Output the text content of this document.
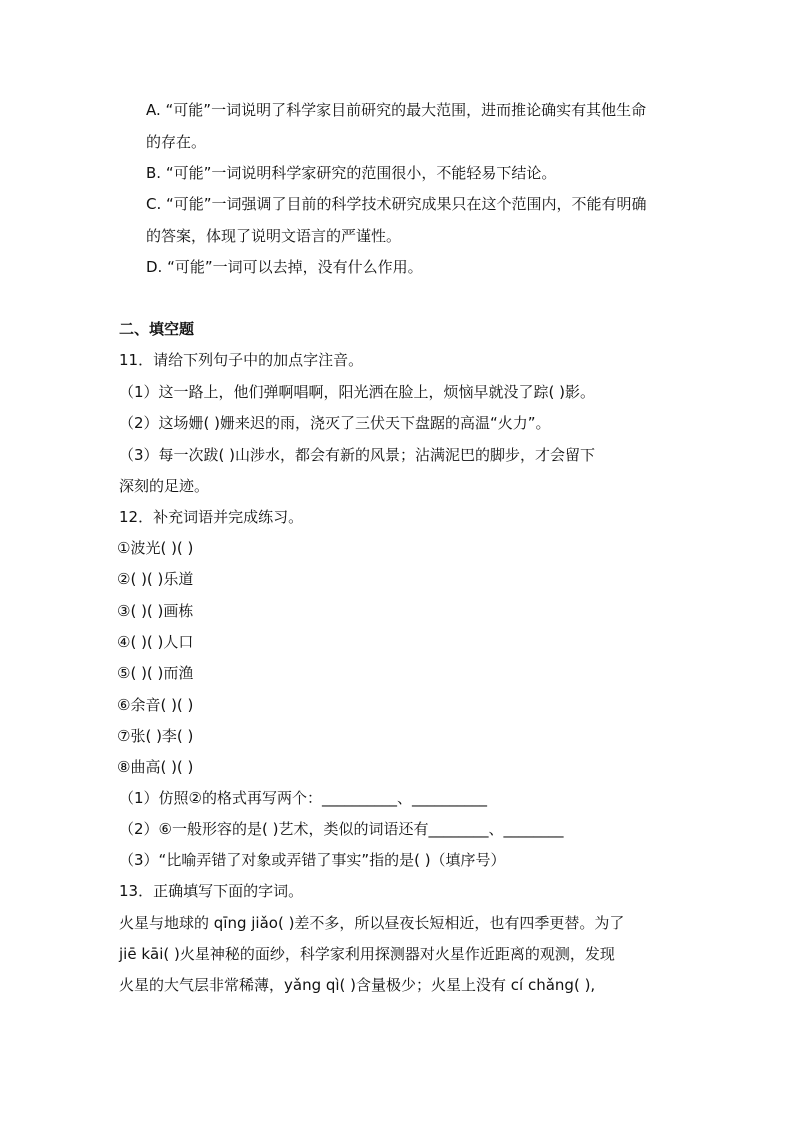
A. “可能”一词说明了科学家目前研究的最大范围，进而推论确实有其他生命
的存在。
B. “可能”一词说明科学家研究的范围很小，不能轻易下结论。
C. “可能”一词强调了目前的科学技术研究成果只在这个范围内，不能有明确
的答案，体现了说明文语言的严谨性。
D. “可能”一词可以去掉，没有什么作用。
二、填空题
11．请给下列句子中的加点字注音。
（1）这一路上，他们弹啊唱啊，阳光洒在脸上，烦恼早就没了踪( )影。
（2）这场姗( )姗来迟的雨，浇灭了三伏天下盘踞的高温“火力”。
（3）每一次跋( )山涉水，都会有新的风景；沾满泥巴的脚步，才会留下
深刻的足迹。
12．补充词语并完成练习。
①波光( )( )
②( )( )乐道
③( )( )画栋
④( )( )人口
⑤( )( )而渔
⑥余音( )( )
⑦张( )李( )
⑧曲高( )( )
（1）仿照②的格式再写两个：__________、__________
（2）⑥一般形容的是( )艺术，类似的词语还有________、________
（3）“比喻弄错了对象或弄错了事实”指的是( )（填序号）
13．正确填写下面的字词。
火星与地球的 qīng jiǎo( )差不多，所以昼夜长短相近，也有四季更替。为了
jiē kāi( )火星神秘的面纱，科学家利用探测器对火星作近距离的观测，发现
火星的大气层非常稀薄，yǎng qì( )含量极少；火星上没有 cí chǎng( ),
